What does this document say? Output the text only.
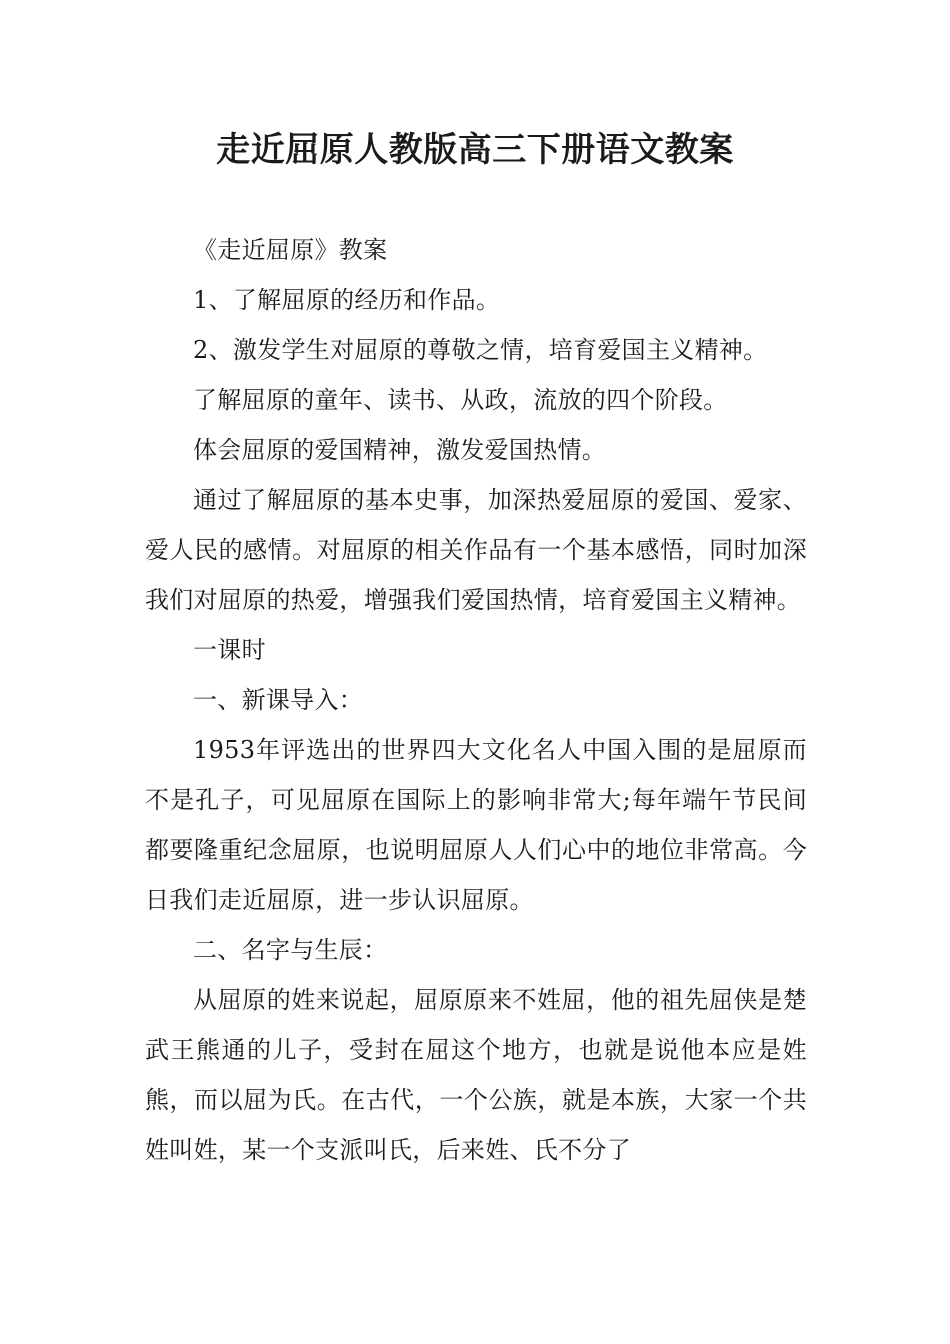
走近屈原人教版高三下册语文教案

《走近屈原》教案

1、了解屈原的经历和作品。

2、激发学生对屈原的尊敬之情，培育爱国主义精神。

了解屈原的童年、读书、从政，流放的四个阶段。

体会屈原的爱国精神，激发爱国热情。

通过了解屈原的基本史事，加深热爱屈原的爱国、爱家、爱人民的感情。对屈原的相关作品有一个基本感悟，同时加深我们对屈原的热爱，增强我们爱国热情，培育爱国主义精神。

一课时

一、新课导入：

1953年评选出的世界四大文化名人中国入围的是屈原而不是孔子，可见屈原在国际上的影响非常大;每年端午节民间都要隆重纪念屈原，也说明屈原人人们心中的地位非常高。今日我们走近屈原，进一步认识屈原。

二、名字与生辰：

从屈原的姓来说起，屈原原来不姓屈，他的祖先屈侠是楚武王熊通的儿子，受封在屈这个地方，也就是说他本应是姓熊，而以屈为氏。在古代，一个公族，就是本族，大家一个共姓叫姓，某一个支派叫氏，后来姓、氏不分了
